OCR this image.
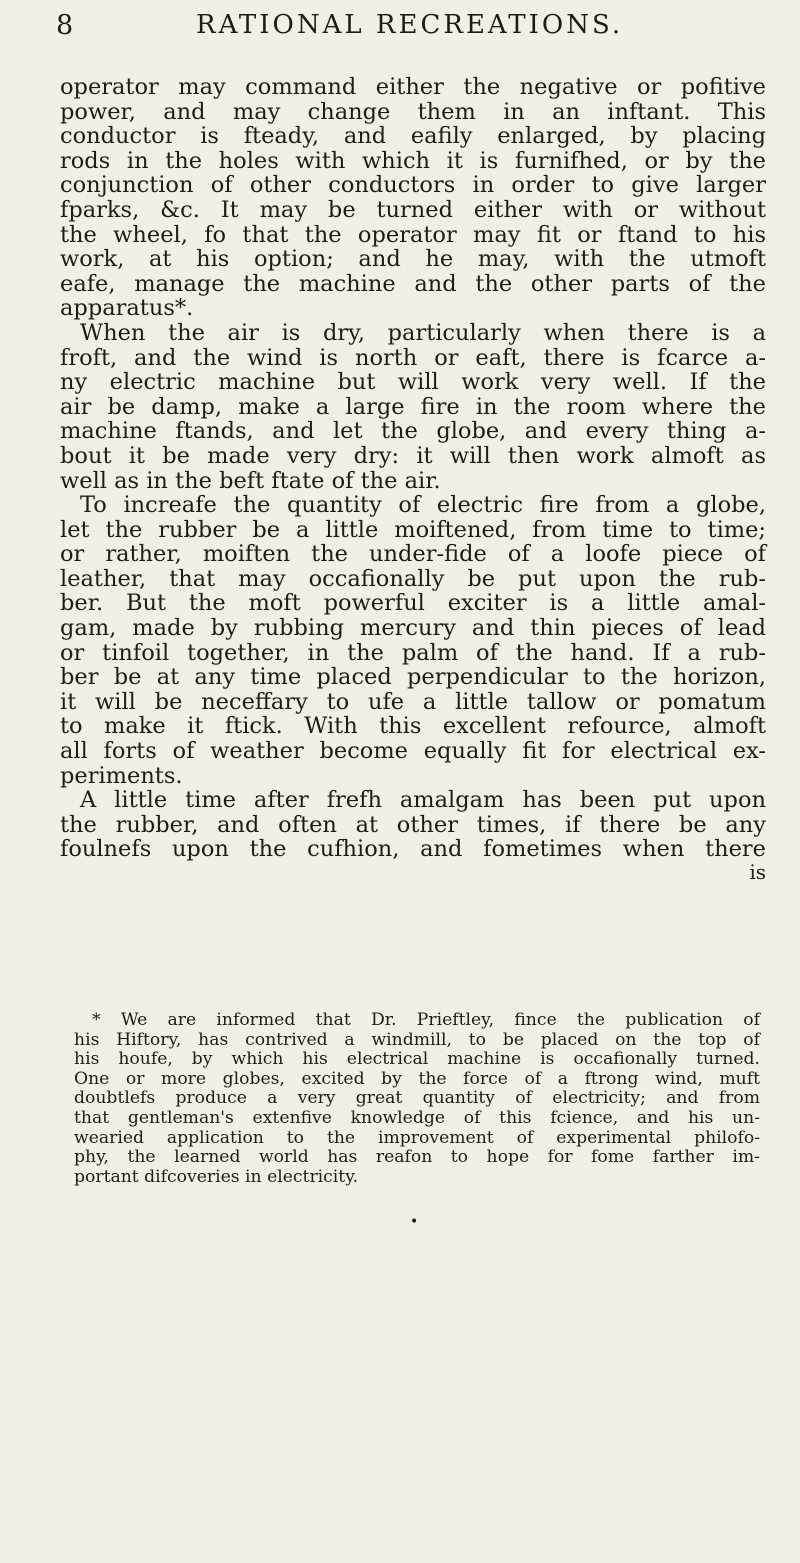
8	RATIONAL RECREATIONS.
operator may command either the negative or pofitive
power, and may change them in an inftant. This
conductor is fteady, and eafily enlarged, by placing
rods in the holes with which it is furnifhed, or by the
conjunction of other conductors in order to give larger
fparks, &c. It may be turned either with or without
the wheel, fo that the operator may fit or ftand to his
work, at his option; and he may, with the utmoft
eafe, manage the machine and the other parts of the
apparatus*.
When the air is dry, particularly when there is a
froft, and the wind is north or eaft, there is fcarce a-
ny electric machine but will work very well. If the
air be damp, make a large fire in the room where the
machine ftands, and let the globe, and every thing a-
bout it be made very dry: it will then work almoft as
well as in the beft ftate of the air.
To increafe the quantity of electric fire from a globe,
let the rubber be a little moiftened, from time to time;
or rather, moiften the under-fide of a loofe piece of
leather, that may occafionally be put upon the rub-
ber. But the moft powerful exciter is a little amal-
gam, made by rubbing mercury and thin pieces of lead
or tinfoil together, in the palm of the hand. If a rub-
ber be at any time placed perpendicular to the horizon,
it will be neceffary to ufe a little tallow or pomatum
to make it ftick. With this excellent refource, almoft
all forts of weather become equally fit for electrical ex-
periments.
A little time after frefh amalgam has been put upon
the rubber, and often at other times, if there be any
foulnefs upon the cufhion, and fometimes when there
is
* We are informed that Dr. Prieftley, fince the publication of
his Hiftory, has contrived a windmill, to be placed on the top of
his houfe, by which his electrical machine is occafionally turned.
One or more globes, excited by the force of a ftrong wind, muft
doubtlefs produce a very great quantity of electricity; and from
that gentleman's extenfive knowledge of this fcience, and his un-
wearied application to the improvement of experimental philofo-
phy, the learned world has reafon to hope for fome farther im-
portant difcoveries in electricity.
•
